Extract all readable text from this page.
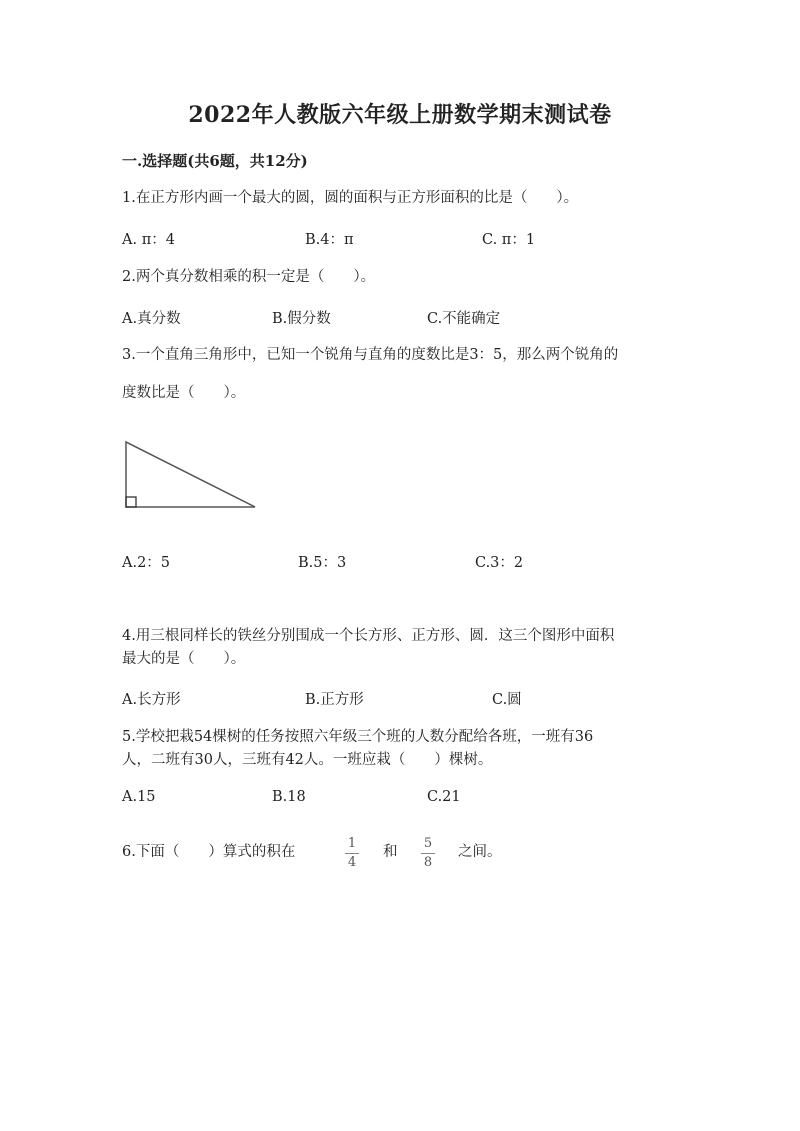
2022年人教版六年级上册数学期末测试卷
一.选择题(共6题，共12分)
1.在正方形内画一个最大的圆，圆的面积与正方形面积的比是（　　）。
A. π：4	B.4：π	C. π：1
2.两个真分数相乘的积一定是（　　）。
A.真分数	B.假分数	C.不能确定
3.一个直角三角形中，已知一个锐角与直角的度数比是3：5，那么两个锐角的
度数比是（　　）。
A.2：5	B.5：3	C.3：2
4.用三根同样长的铁丝分别围成一个长方形、正方形、圆．这三个图形中面积
最大的是（　　）。
A.长方形	B.正方形	C.圆
5.学校把栽54棵树的任务按照六年级三个班的人数分配给各班，一班有36
人，二班有30人，三班有42人。一班应栽（　　）棵树。
A.15	B.18	C.21
6.下面（　　）算式的积在
1
4
和
5
8
之间。
